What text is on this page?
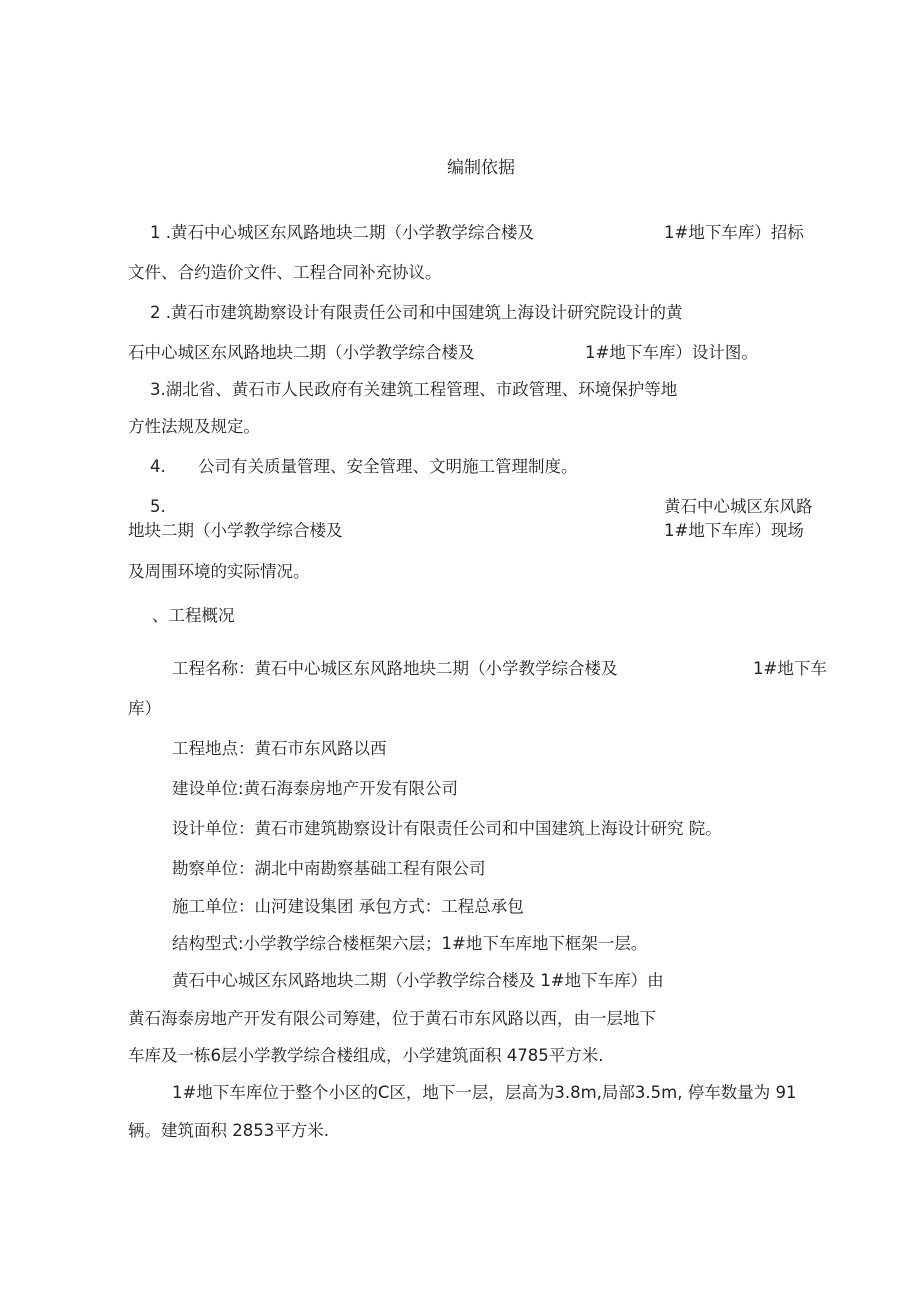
编制依据
1 .黄石中心城区东风路地块二期（小学教学综合楼及	1#地下车库）招标
文件、合约造价文件、工程合同补充协议。
2 .黄石市建筑勘察设计有限责任公司和中国建筑上海设计研究院设计的黄
石中心城区东风路地块二期（小学教学综合楼及	1#地下车库）设计图。
3.湖北省、黄石市人民政府有关建筑工程管理、市政管理、环境保护等地
方性法规及规定。
4. 公司有关质量管理、安全管理、文明施工管理制度。
5.	黄石中心城区东风路
地块二期（小学教学综合楼及	1#地下车库）现场
及周围环境的实际情况。
、工程概况
工程名称：黄石中心城区东风路地块二期（小学教学综合楼及	1#地下车
库）
工程地点：黄石市东风路以西
建设单位:黄石海泰房地产开发有限公司
设计单位：黄石市建筑勘察设计有限责任公司和中国建筑上海设计研究 院。
勘察单位：湖北中南勘察基础工程有限公司
施工单位：山河建设集团 承包方式：工程总承包
结构型式:小学教学综合楼框架六层；1#地下车库地下框架一层。
黄石中心城区东风路地块二期（小学教学综合楼及 1#地下车库）由
黄石海泰房地产开发有限公司筹建，位于黄石市东风路以西，由一层地下
车库及一栋6层小学教学综合楼组成，小学建筑面积 4785平方米.
1#地下车库位于整个小区的C区，地下一层，层高为3.8m,局部3.5m, 停车数量为 91
辆。建筑面积 2853平方米.
